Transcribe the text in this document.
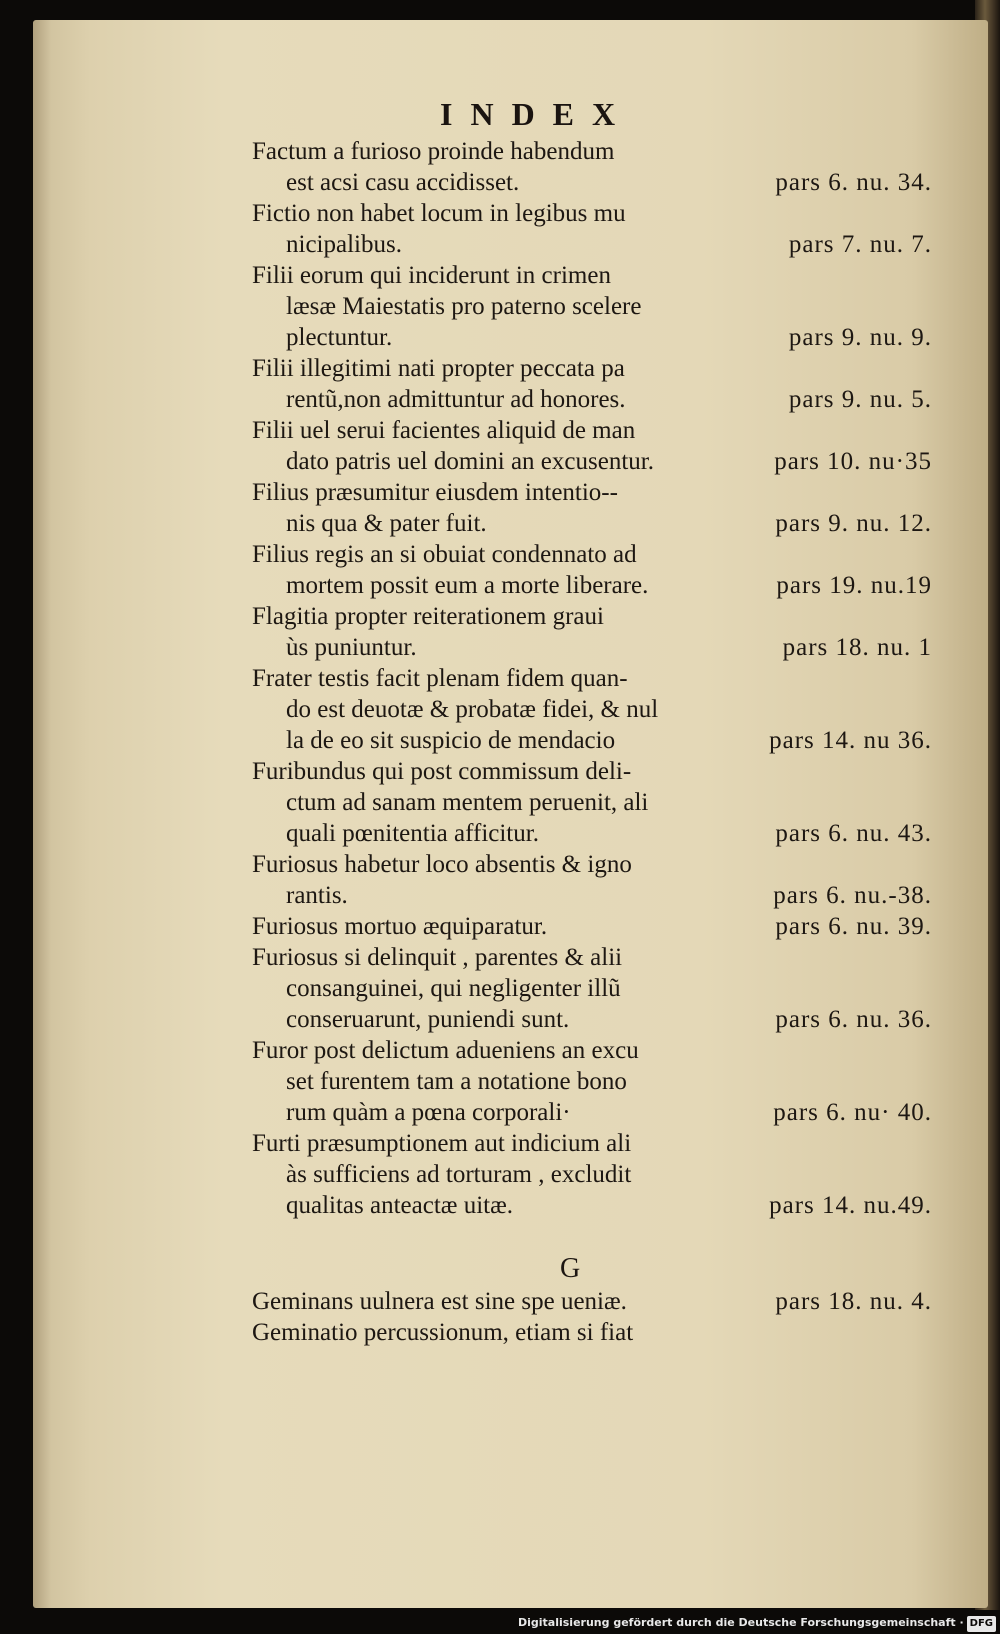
INDEX
Factum a furioso proinde habendum
est acsi casu accidisset.	pars 6. nu. 34.
Fictio non habet locum in legibus mu
nicipalibus.	pars 7. nu. 7.
Filii eorum qui inciderunt in crimen
læsæ Maiestatis pro paterno scelere
plectuntur.	pars 9. nu. 9.
Filii illegitimi nati propter peccata pa
rentũ,non admittuntur ad honores.	pars 9. nu. 5.
Filii uel serui facientes aliquid de man
dato patris uel domini an excusentur.	pars 10. nu·35
Filius præsumitur eiusdem intentio--
nis qua & pater fuit.	pars 9. nu. 12.
Filius regis an si obuiat condennato ad
mortem possit eum a morte liberare.	pars 19. nu.19
Flagitia propter reiterationem graui
ùs puniuntur.	pars 18. nu. 1
Frater testis facit plenam fidem quan-
do est deuotæ & probatæ fidei, & nul
la de eo sit suspicio de mendacio	pars 14. nu 36.
Furibundus qui post commissum deli-
ctum ad sanam mentem peruenit, ali
quali pœnitentia afficitur.	pars 6. nu. 43.
Furiosus habetur loco absentis & igno
rantis.	pars 6. nu.-38.
Furiosus mortuo æquiparatur.	pars 6. nu. 39.
Furiosus si delinquit , parentes & alii
consanguinei, qui negligenter illũ
conseruarunt, puniendi sunt.	pars 6. nu. 36.
Furor post delictum adueniens an excu
set furentem tam a notatione bono
rum quàm a pœna corporali·	pars 6. nu· 40.
Furti præsumptionem aut indicium ali
às sufficiens ad torturam , excludit
qualitas anteactæ uitæ.	pars 14. nu.49.
G
Geminans uulnera est sine spe ueniæ.	pars 18. nu. 4.
Geminatio percussionum, etiam si fiat
Digitalisierung gefördert durch die Deutsche Forschungsgemeinschaft · DFG
